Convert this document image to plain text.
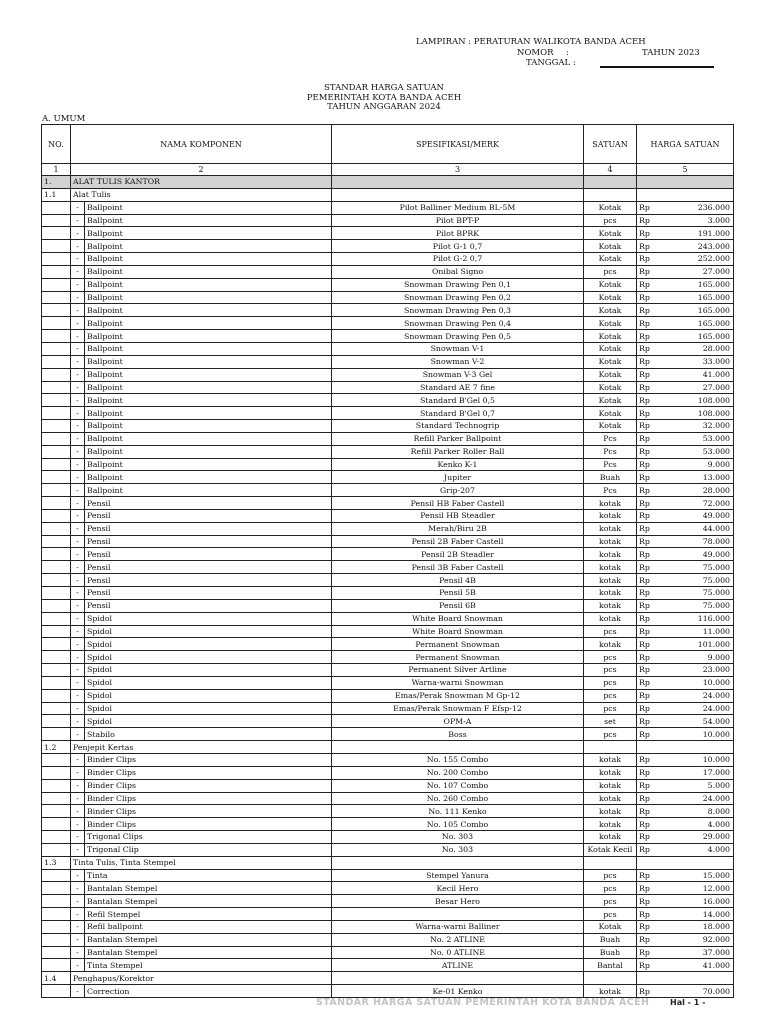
LAMPIRAN : PERATURAN WALIKOTA BANDA ACEH
NOMOR :	TAHUN 2023
TANGGAL :
STANDAR HARGA SATUAN
PEMERINTAH KOTA BANDA ACEH
TAHUN ANGGARAN 2024
A. UMUM
NO.	NAMA KOMPONEN		SPESIFIKASI/MERK	SATUAN	HARGA SATUAN	
1	2		3	4	5	
1.	ALAT TULIS KANTOR					
1.1	Alat Tulis					
	-	Ballpoint	Pilot Balliner Medium BL-5M	Kotak	Rp	236.000
	-	Ballpoint	Pilot BPT-P	pcs	Rp	3.000
	-	Ballpoint	Pilot BPRK	Kotak	Rp	191.000
	-	Ballpoint	Pilot G-1 0,7	Kotak	Rp	243.000
	-	Ballpoint	Pilot G-2 0,7	Kotak	Rp	252.000
	-	Ballpoint	Onibal Signo	pcs	Rp	27.000
	-	Ballpoint	Snowman Drawing Pen 0,1	Kotak	Rp	165.000
	-	Ballpoint	Snowman Drawing Pen 0,2	Kotak	Rp	165.000
	-	Ballpoint	Snowman Drawing Pen 0,3	Kotak	Rp	165.000
	-	Ballpoint	Snowman Drawing Pen 0,4	Kotak	Rp	165.000
	-	Ballpoint	Snowman Drawing Pen 0,5	Kotak	Rp	165.000
	-	Ballpoint	Snowman V-1	Kotak	Rp	28.000
	-	Ballpoint	Snowman V-2	Kotak	Rp	33.000
	-	Ballpoint	Snowman V-3 Gel	Kotak	Rp	41.000
	-	Ballpoint	Standard AE 7 fine	Kotak	Rp	27.000
	-	Ballpoint	Standard B'Gel 0,5	Kotak	Rp	108.000
	-	Ballpoint	Standard B'Gel 0,7	Kotak	Rp	108.000
	-	Ballpoint	Standard Technogrip	Kotak	Rp	32.000
	-	Ballpoint	Refill Parker Ballpoint	Pcs	Rp	53.000
	-	Ballpoint	Refill Parker Roller Ball	Pcs	Rp	53.000
	-	Ballpoint	Kenko K-1	Pcs	Rp	9.000
	-	Ballpoint	Jupiter	Buah	Rp	13.000
	-	Ballpoint	Grip-207	Pcs	Rp	28.000
	-	Pensil	Pensil HB Faber Castell	kotak	Rp	72.000
	-	Pensil	Pensil HB Steadler	kotak	Rp	49.000
	-	Pensil	Merah/Biru 2B	kotak	Rp	44.000
	-	Pensil	Pensil 2B Faber Castell	kotak	Rp	78.000
	-	Pensil	Pensil 2B Steadler	kotak	Rp	49.000
	-	Pensil	Pensil 3B Faber Castell	kotak	Rp	75.000
	-	Pensil	Pensil 4B	kotak	Rp	75.000
	-	Pensil	Pensil 5B	kotak	Rp	75.000
	-	Pensil	Pensil 6B	kotak	Rp	75.000
	-	Spidol	White Board Snowman	kotak	Rp	116.000
	-	Spidol	White Board Snowman	pcs	Rp	11.000
	-	Spidol	Permanent Snowman	kotak	Rp	101.000
	-	Spidol	Permanent Snowman	pcs	Rp	9.000
	-	Spidol	Permanent Silver Artline	pcs	Rp	23.000
	-	Spidol	Warna-warni Snowman	pcs	Rp	10.000
	-	Spidol	Emas/Perak Snowman M Gp-12	pcs	Rp	24.000
	-	Spidol	Emas/Perak Snowman F Efsp-12	pcs	Rp	24.000
	-	Spidol	OPM-A	set	Rp	54.000
	-	Stabilo	Boss	pcs	Rp	10.000
1.2	Penjepit Kertas					
	-	Binder Clips	No. 155 Combo	kotak	Rp	10.000
	-	Binder Clips	No. 200 Combo	kotak	Rp	17.000
	-	Binder Clips	No. 107 Combo	kotak	Rp	5.000
	-	Binder Clips	No. 260 Combo	kotak	Rp	24.000
	-	Binder Clips	No. 111 Kenko	kotak	Rp	8.000
	-	Binder Clips	No. 105 Combo	kotak	Rp	4.000
	-	Trigonal Clips	No. 303	kotak	Rp	29.000
	-	Trigonal Clip	No. 303	Kotak Kecil	Rp	4.000
1.3	Tinta Tulis, Tinta Stempel					
	-	Tinta	Stempel Yanura	pcs	Rp	15.000
	-	Bantalan Stempel	Kecil Hero	pcs	Rp	12.000
	-	Bantalan Stempel	Besar Hero	pcs	Rp	16.000
	-	Refil Stempel		pcs	Rp	14.000
	-	Refil ballpoint	Warna-warni Balliner	Kotak	Rp	18.000
	-	Bantalan Stempel	No. 2 ATLINE	Buah	Rp	92.000
	-	Bantalan Stempel	No. 0 ATLINE	Buah	Rp	37.000
	-	Tinta Stempel	ATLINE	Bantal	Rp	41.000
1.4	Penghapus/Korektor					
	-	Correction	Ke-01 Kenko	kotak	Rp	70.000
STANDAR HARGA SATUAN PEMERINTAH KOTA BANDA ACEH	Hal - 1 -
